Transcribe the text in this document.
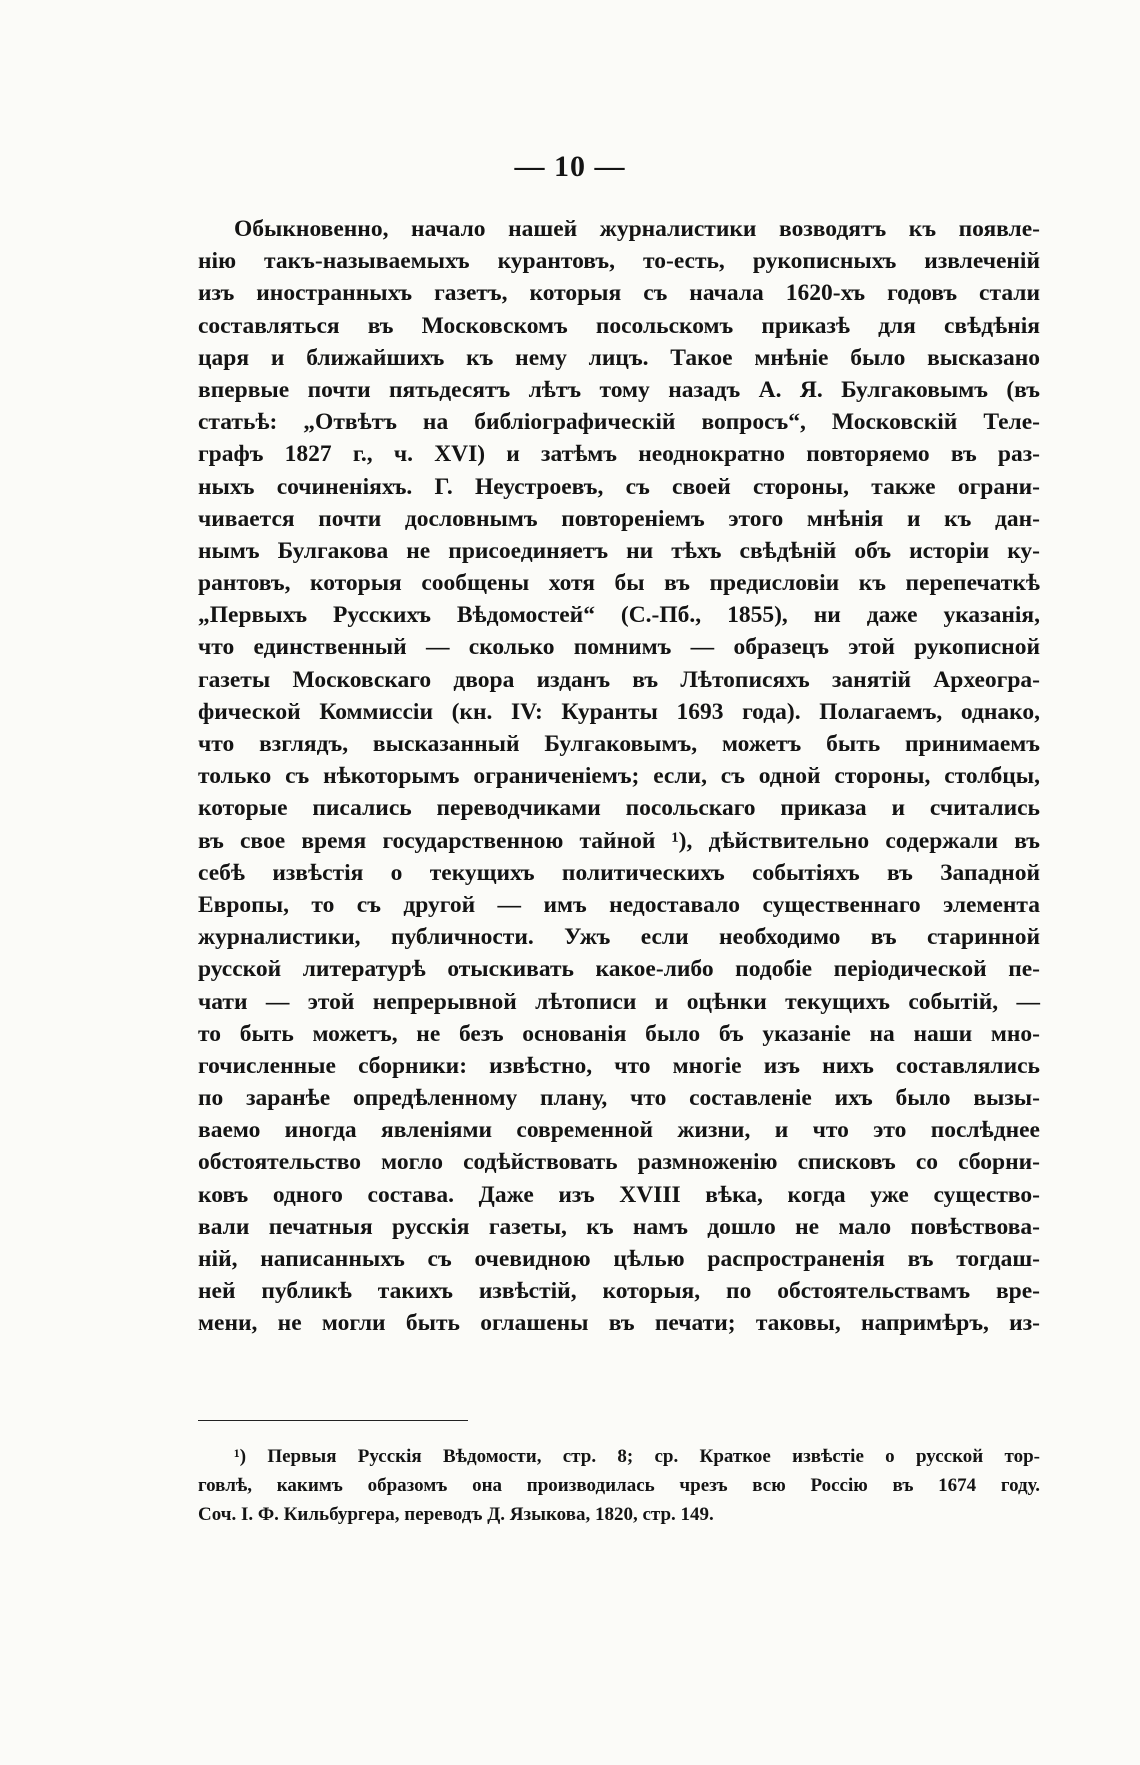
— 10 —
Обыкновенно, начало нашей журналистики возводятъ къ появле-
нію такъ-называемыхъ курантовъ, то-есть, рукописныхъ извлеченій
изъ иностранныхъ газетъ, которыя съ начала 1620-хъ годовъ стали
составляться въ Московскомъ посольскомъ приказѣ для свѣдѣнія
царя и ближайшихъ къ нему лицъ. Такое мнѣніе было высказано
впервые почти пятьдесятъ лѣтъ тому назадъ А. Я. Булгаковымъ (въ
статьѣ: „Отвѣтъ на библіографическій вопросъ“, Московскій Теле-
графъ 1827 г., ч. XVI) и затѣмъ неоднократно повторяемо въ раз-
ныхъ сочиненіяхъ. Г. Неустроевъ, съ своей стороны, также ограни-
чивается почти дословнымъ повтореніемъ этого мнѣнія и къ дан-
нымъ Булгакова не присоединяетъ ни тѣхъ свѣдѣній объ исторіи ку-
рантовъ, которыя сообщены хотя бы въ предисловіи къ перепечаткѣ
„Первыхъ Русскихъ Вѣдомостей“ (С.-Пб., 1855), ни даже указанія,
что единственный — сколько помнимъ — образецъ этой рукописной
газеты Московскаго двора изданъ въ Лѣтописяхъ занятій Археогра-
фической Коммиссіи (кн. IV: Куранты 1693 года). Полагаемъ, однако,
что взглядъ, высказанный Булгаковымъ, можетъ быть принимаемъ
только съ нѣкоторымъ ограниченіемъ; если, съ одной стороны, столбцы,
которые писались переводчиками посольскаго приказа и считались
въ свое время государственною тайной ¹), дѣйствительно содержали въ
себѣ извѣстія о текущихъ политическихъ событіяхъ въ Западной
Европы, то съ другой — имъ недоставало существеннаго элемента
журналистики, публичности. Ужъ если необходимо въ старинной
русской литературѣ отыскивать какое-либо подобіе періодической пе-
чати — этой непрерывной лѣтописи и оцѣнки текущихъ событій, —
то быть можетъ, не безъ основанія было бъ указаніе на наши мно-
гочисленные сборники: извѣстно, что многіе изъ нихъ составлялись
по заранѣе опредѣленному плану, что составленіе ихъ было вызы-
ваемо иногда явленіями современной жизни, и что это послѣднее
обстоятельство могло содѣйствовать размноженію списковъ со сборни-
ковъ одного состава. Даже изъ XVIII вѣка, когда уже существо-
вали печатныя русскія газеты, къ намъ дошло не мало повѣствова-
ній, написанныхъ съ очевидною цѣлью распространенія въ тогдаш-
ней публикѣ такихъ извѣстій, которыя, по обстоятельствамъ вре-
мени, не могли быть оглашены въ печати; таковы, напримѣръ, из-
¹) Первыя Русскія Вѣдомости, стр. 8; ср. Краткое извѣстіе о русской тор-
говлѣ, какимъ образомъ она производилась чрезъ всю Россію въ 1674 году.
Соч. І. Ф. Кильбургера, переводъ Д. Языкова, 1820, стр. 149.
